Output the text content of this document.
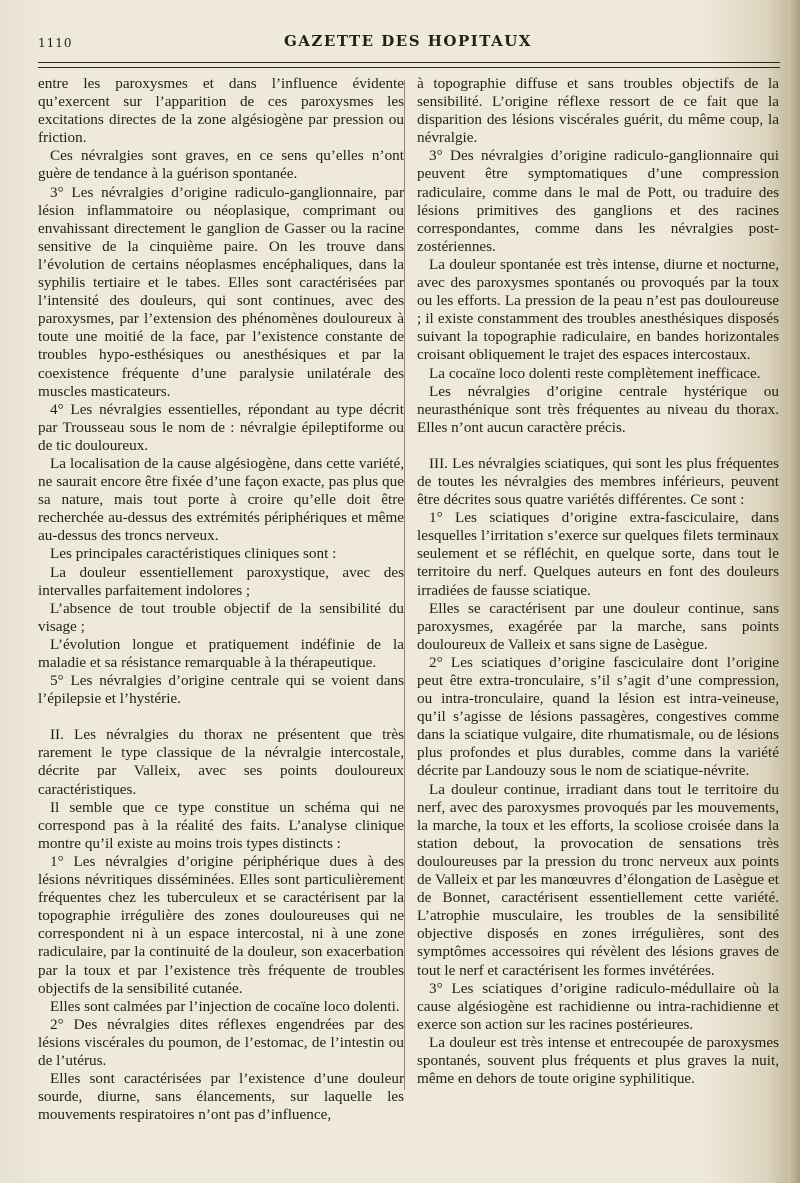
1110	GAZETTE DES HOPITAUX

entre les paroxysmes et dans l’influence évidente qu’exercent sur l’apparition de ces paroxysmes les excitations directes de la zone algésiogène par pression ou friction.

Ces névralgies sont graves, en ce sens qu’elles n’ont guère de tendance à la guérison spontanée.

3° Les névralgies d’origine radiculo-ganglionnaire, par lésion inflammatoire ou néoplasique, comprimant ou envahissant directement le ganglion de Gasser ou la racine sensitive de la cinquième paire. On les trouve dans l’évolution de certains néoplasmes encéphaliques, dans la syphilis tertiaire et le tabes. Elles sont caractérisées par l’intensité des douleurs, qui sont continues, avec des paroxysmes, par l’extension des phénomènes douloureux à toute une moitié de la face, par l’existence constante de troubles hypo-esthésiques ou anesthésiques et par la coexistence fréquente d’une paralysie unilatérale des muscles masticateurs.

4° Les névralgies essentielles, répondant au type décrit par Trousseau sous le nom de : névralgie épileptiforme ou de tic douloureux.

La localisation de la cause algésiogène, dans cette variété, ne saurait encore être fixée d’une façon exacte, pas plus que sa nature, mais tout porte à croire qu’elle doit être recherchée au-dessus des extrémités périphériques et même au-dessus des troncs nerveux.

Les principales caractéristiques cliniques sont :

La douleur essentiellement paroxystique, avec des intervalles parfaitement indolores ;

L’absence de tout trouble objectif de la sensibilité du visage ;

L’évolution longue et pratiquement indéfinie de la maladie et sa résistance remarquable à la thérapeutique.

5° Les névralgies d’origine centrale qui se voient dans l’épilepsie et l’hystérie.

II. Les névralgies du thorax ne présentent que très rarement le type classique de la névralgie intercostale, décrite par Valleix, avec ses points douloureux caractéristiques.

Il semble que ce type constitue un schéma qui ne correspond pas à la réalité des faits. L’analyse clinique montre qu’il existe au moins trois types distincts :

1° Les névralgies d’origine périphérique dues à des lésions névritiques disséminées. Elles sont particulièrement fréquentes chez les tuberculeux et se caractérisent par la topographie irrégulière des zones douloureuses qui ne correspondent ni à un espace intercostal, ni à une zone radiculaire, par la continuité de la douleur, son exacerbation par la toux et par l’existence très fréquente de troubles objectifs de la sensibilité cutanée.

Elles sont calmées par l’injection de cocaïne loco dolenti.

2° Des névralgies dites réflexes engendrées par des lésions viscérales du poumon, de l’estomac, de l’intestin ou de l’utérus.

Elles sont caractérisées par l’existence d’une douleur sourde, diurne, sans élancements, sur laquelle les mouvements respiratoires n’ont pas d’influence,

à topographie diffuse et sans troubles objectifs de la sensibilité. L’origine réflexe ressort de ce fait que la disparition des lésions viscérales guérit, du même coup, la névralgie.

3° Des névralgies d’origine radiculo-ganglionnaire qui peuvent être symptomatiques d’une compression radiculaire, comme dans le mal de Pott, ou traduire des lésions primitives des ganglions et des racines correspondantes, comme dans les névralgies post-zostériennes.

La douleur spontanée est très intense, diurne et nocturne, avec des paroxysmes spontanés ou provoqués par la toux ou les efforts. La pression de la peau n’est pas douloureuse ; il existe constamment des troubles anesthésiques disposés suivant la topographie radiculaire, en bandes horizontales croisant obliquement le trajet des espaces intercostaux.

La cocaïne loco dolenti reste complètement inefficace.

Les névralgies d’origine centrale hystérique ou neurasthénique sont très fréquentes au niveau du thorax. Elles n’ont aucun caractère précis.

III. Les névralgies sciatiques, qui sont les plus fréquentes de toutes les névralgies des membres inférieurs, peuvent être décrites sous quatre variétés différentes. Ce sont :

1° Les sciatiques d’origine extra-fasciculaire, dans lesquelles l’irritation s’exerce sur quelques filets terminaux seulement et se réfléchit, en quelque sorte, dans tout le territoire du nerf. Quelques auteurs en font des douleurs irradiées de fausse sciatique.

Elles se caractérisent par une douleur continue, sans paroxysmes, exagérée par la marche, sans points douloureux de Valleix et sans signe de Lasègue.

2° Les sciatiques d’origine fasciculaire dont l’origine peut être extra-tronculaire, s’il s’agit d’une compression, ou intra-tronculaire, quand la lésion est intra-veineuse, qu’il s’agisse de lésions passagères, congestives comme dans la sciatique vulgaire, dite rhumatismale, ou de lésions plus profondes et plus durables, comme dans la variété décrite par Landouzy sous le nom de sciatique-névrite.

La douleur continue, irradiant dans tout le territoire du nerf, avec des paroxysmes provoqués par les mouvements, la marche, la toux et les efforts, la scoliose croisée dans la station debout, la provocation de sensations très douloureuses par la pression du tronc nerveux aux points de Valleix et par les manœuvres d’élongation de Lasègue et de Bonnet, caractérisent essentiellement cette variété. L’atrophie musculaire, les troubles de la sensibilité objective disposés en zones irrégulières, sont des symptômes accessoires qui révèlent des lésions graves de tout le nerf et caractérisent les formes invétérées.

3° Les sciatiques d’origine radiculo-médullaire où la cause algésiogène est rachidienne ou intra-rachidienne et exerce son action sur les racines postérieures.

La douleur est très intense et entrecoupée de paroxysmes spontanés, souvent plus fréquents et plus graves la nuit, même en dehors de toute origine syphilitique.
